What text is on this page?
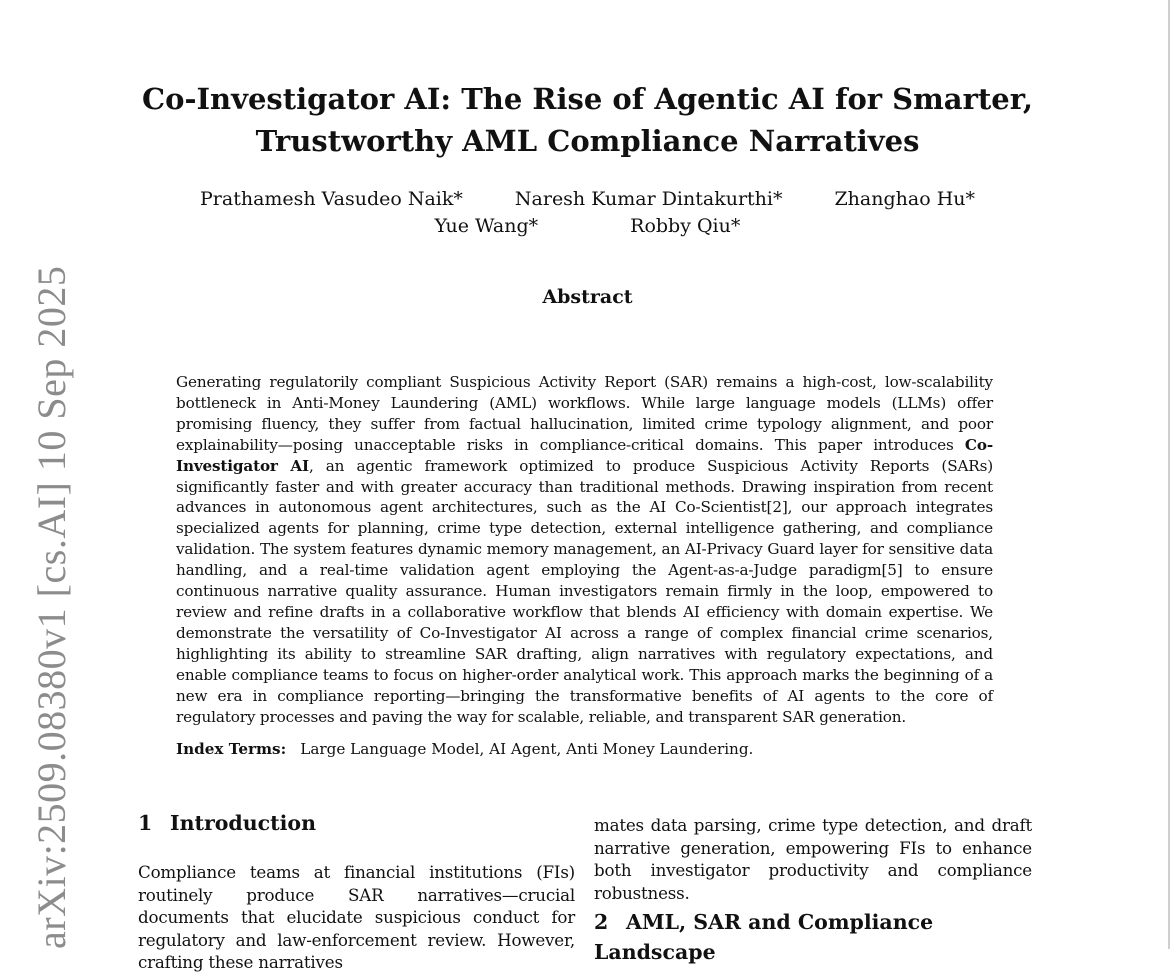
arXiv:2509.08380v1 [cs.AI] 10 Sep 2025
Co-Investigator AI: The Rise of Agentic AI for Smarter, Trustworthy AML Compliance Narratives
Prathamesh Vasudeo Naik*	Naresh Kumar Dintakurthi*	Zhanghao Hu*
Yue Wang*	Robby Qiu*
Abstract

Generating regulatorily compliant Suspicious Activity Report (SAR) remains a high-cost, low-scalability bottleneck in Anti-Money Laundering (AML) workflows. While large language models (LLMs) offer promising fluency, they suffer from factual hallucination, limited crime typology alignment, and poor explainability—posing unacceptable risks in compliance-critical domains. This paper introduces Co-Investigator AI, an agentic framework optimized to produce Suspicious Activity Reports (SARs) significantly faster and with greater accuracy than traditional methods. Drawing inspiration from recent advances in autonomous agent architectures, such as the AI Co-Scientist[2], our approach integrates specialized agents for planning, crime type detection, external intelligence gathering, and compliance validation. The system features dynamic memory management, an AI-Privacy Guard layer for sensitive data handling, and a real-time validation agent employing the Agent-as-a-Judge paradigm[5] to ensure continuous narrative quality assurance. Human investigators remain firmly in the loop, empowered to review and refine drafts in a collaborative workflow that blends AI efficiency with domain expertise. We demonstrate the versatility of Co-Investigator AI across a range of complex financial crime scenarios, highlighting its ability to streamline SAR drafting, align narratives with regulatory expectations, and enable compliance teams to focus on higher-order analytical work. This approach marks the beginning of a new era in compliance reporting—bringing the transformative benefits of AI agents to the core of regulatory processes and paving the way for scalable, reliable, and transparent SAR generation.

Index Terms: Large Language Model, AI Agent, Anti Money Laundering.

1 Introduction

Compliance teams at financial institutions (FIs) routinely produce SAR narratives—crucial documents that elucidate suspicious conduct for regulatory and law-enforcement review. However, crafting these narratives

mates data parsing, crime type detection, and draft narrative generation, empowering FIs to enhance both investigator productivity and compliance robustness.

2 AML, SAR and Compliance Landscape
